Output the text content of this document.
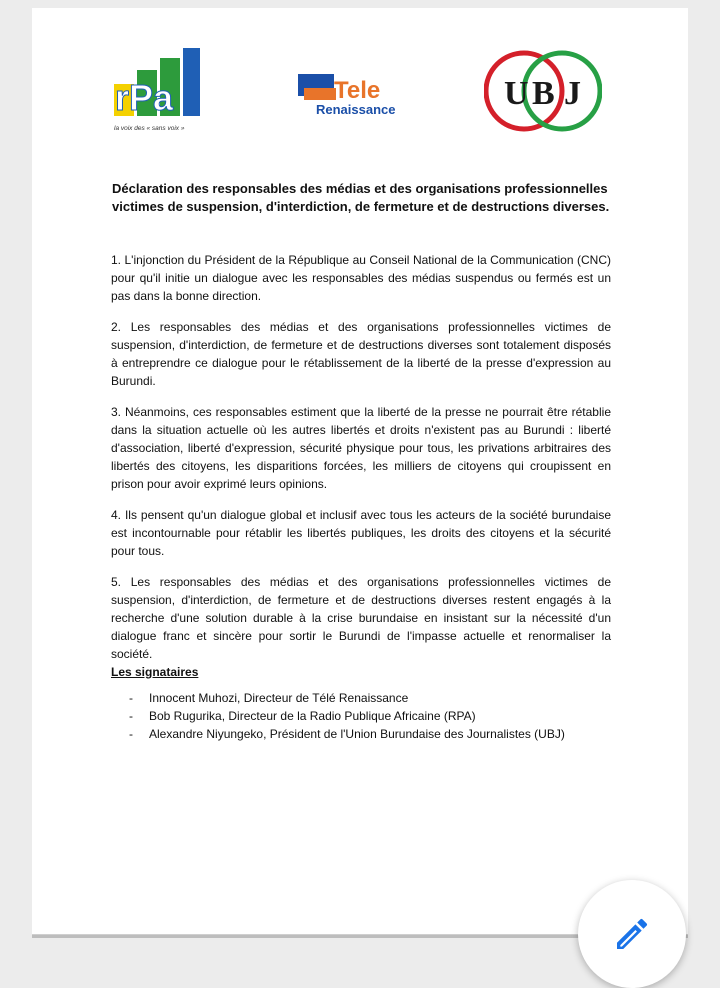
rPa
la voix des « sans voix »
Tele
Renaissance	U B J
Déclaration des responsables des médias et des organisations professionnelles victimes de suspension, d'interdiction, de fermeture et de destructions diverses.

1. L'injonction du Président de la République au Conseil National de la Communication (CNC) pour qu'il initie un dialogue avec les responsables des médias suspendus ou fermés est un pas dans la bonne direction.

2. Les responsables des médias et des organisations professionnelles victimes de suspension, d'interdiction, de fermeture et de destructions diverses sont totalement disposés à entreprendre ce dialogue pour le rétablissement de la liberté de la presse d'expression au Burundi.

3. Néanmoins, ces responsables estiment que la liberté de la presse ne pourrait être rétablie dans la situation actuelle où les autres libertés et droits n'existent pas au Burundi : liberté d'association, liberté d'expression, sécurité physique pour tous, les privations arbitraires des libertés des citoyens, les disparitions forcées, les milliers de citoyens qui croupissent en prison pour avoir exprimé leurs opinions.

4. Ils pensent qu'un dialogue global et inclusif avec tous les acteurs de la société burundaise est incontournable pour rétablir les libertés publiques, les droits des citoyens et la sécurité pour tous.

5. Les responsables des médias et des organisations professionnelles victimes de suspension, d'interdiction, de fermeture et de destructions diverses restent engagés à la recherche d'une solution durable à la crise burundaise en insistant sur la nécessité d'un dialogue franc et sincère pour sortir le Burundi de l'impasse actuelle et renormaliser la société.

Les signataires
- Innocent Muhozi, Directeur de Télé Renaissance
- Bob Rugurika, Directeur de la Radio Publique Africaine (RPA)
- Alexandre Niyungeko, Président de l'Union Burundaise des Journalistes (UBJ)
